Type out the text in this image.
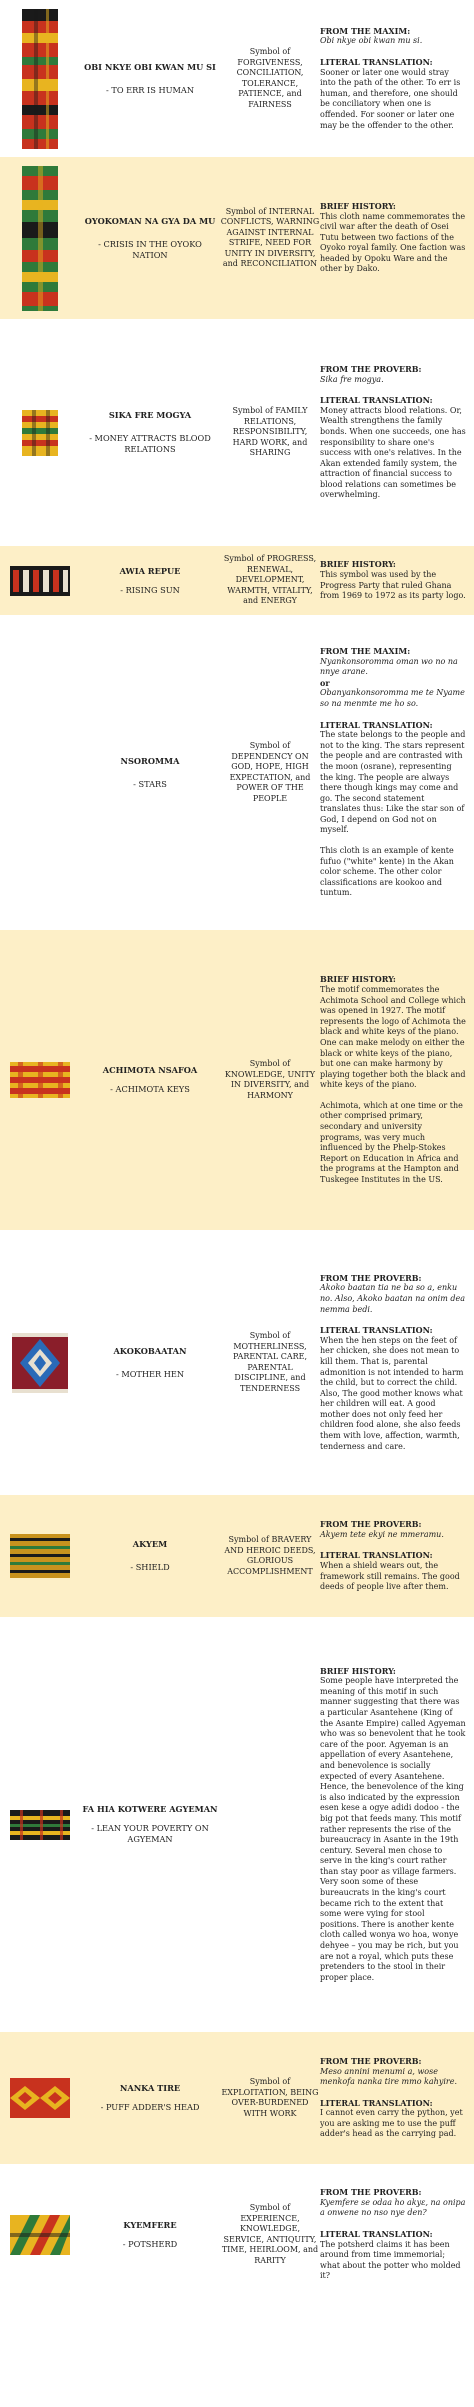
OBI NKYE OBI KWAN MU SI
- TO ERR IS HUMAN
Symbol of FORGIVENESS, CONCILIATION, TOLERANCE, PATIENCE, and FAIRNESS
FROM THE MAXIM:
Obi nkye obi kwan mu si.
LITERAL TRANSLATION:
Sooner or later one would stray into the path of the other. To err is human, and therefore, one should be conciliatory when one is offended. For sooner or later one may be the offender to the other.
OYOKOMAN NA GYA DA MU
- CRISIS IN THE OYOKO NATION
Symbol of INTERNAL CONFLICTS, WARNING AGAINST INTERNAL STRIFE, NEED FOR UNITY IN DIVERSITY, and RECONCILIATION
BRIEF HISTORY:
This cloth name commemorates the civil war after the death of Osei Tutu between two factions of the Oyoko royal family. One faction was headed by Opoku Ware and the other by Dako.
SIKA FRE MOGYA
- MONEY ATTRACTS BLOOD RELATIONS
Symbol of FAMILY RELATIONS, RESPONSIBILITY, HARD WORK, and SHARING
FROM THE PROVERB:
Sika fre mogya.
LITERAL TRANSLATION:
Money attracts blood relations. Or, Wealth strengthens the family bonds. When one succeeds, one has responsibility to share one's success with one's relatives. In the Akan extended family system, the attraction of financial success to blood relations can sometimes be overwhelming.
AWIA REPUE
- RISING SUN
Symbol of PROGRESS, RENEWAL, DEVELOPMENT, WARMTH, VITALITY, and ENERGY
BRIEF HISTORY:
This symbol was used by the Progress Party that ruled Ghana from 1969 to 1972 as its party logo.
NSOROMMA
- STARS
Symbol of DEPENDENCY ON GOD, HOPE, HIGH EXPECTATION, and POWER OF THE PEOPLE
FROM THE MAXIM:
Nyankonsoromma oman wo no na nnye arane.
or
Obanyankonsoromma me te Nyame so na menmte me ho so.
LITERAL TRANSLATION:
The state belongs to the people and not to the king. The stars represent the people and are contrasted with the moon (osrane), representing the king. The people are always there though kings may come and go. The second statement translates thus: Like the star son of God, I depend on God not on myself.
This cloth is an example of kente fufuo ("white" kente) in the Akan color scheme. The other color classifications are kookoo and tuntum.
ACHIMOTA NSAFOA
- ACHIMOTA KEYS
Symbol of KNOWLEDGE, UNITY IN DIVERSITY, and HARMONY
BRIEF HISTORY:
The motif commemorates the Achimota School and College which was opened in 1927. The motif represents the logo of Achimota the black and white keys of the piano. One can make melody on either the black or white keys of the piano, but one can make harmony by playing together both the black and white keys of the piano.
Achimota, which at one time or the other comprised primary, secondary and university programs, was very much influenced by the Phelp-Stokes Report on Education in Africa and the programs at the Hampton and Tuskegee Institutes in the US.
AKOKOBAATAN
- MOTHER HEN
Symbol of MOTHERLINESS, PARENTAL CARE, PARENTAL DISCIPLINE, and TENDERNESS
FROM THE PROVERB:
Akoko baatan tia ne ba so a, enku no. Also, Akoko baatan na onim dea nemma bedi.
LITERAL TRANSLATION:
When the hen steps on the feet of her chicken, she does not mean to kill them. That is, parental admonition is not intended to harm the child, but to correct the child. Also, The good mother knows what her children will eat. A good mother does not only feed her children food alone, she also feeds them with love, affection, warmth, tenderness and care.
AKYEM
- SHIELD
Symbol of BRAVERY AND HEROIC DEEDS, GLORIOUS ACCOMPLISHMENT
FROM THE PROVERB:
Akyem tete ekyi ne mmeramu.
LITERAL TRANSLATION:
When a shield wears out, the framework still remains. The good deeds of people live after them.
FA HIA KOTWERE AGYEMAN
- LEAN YOUR POVERTY ON AGYEMAN
BRIEF HISTORY:
Some people have interpreted the meaning of this motif in such manner suggesting that there was a particular Asantehene (King of the Asante Empire) called Agyeman who was so benevolent that he took care of the poor. Agyeman is an appellation of every Asantehene, and benevolence is socially expected of every Asantehene. Hence, the benevolence of the king is also indicated by the expression esen kese a ogye adidi dodoo - the big pot that feeds many. This motif rather represents the rise of the bureaucracy in Asante in the 19th century. Several men chose to serve in the king's court rather than stay poor as village farmers. Very soon some of these bureaucrats in the king's court became rich to the extent that some were vying for stool positions. There is another kente cloth called wonya wo hoa, wonye dehyee – you may be rich, but you are not a royal, which puts these pretenders to the stool in their proper place.
NANKA TIRE
- PUFF ADDER'S HEAD
Symbol of EXPLOITATION, BEING OVER-BURDENED WITH WORK
FROM THE PROVERB:
Meso annini menumi a, wose menkofa nanka tire mmo kahyire.
LITERAL TRANSLATION:
I cannot even carry the python, yet you are asking me to use the puff adder's head as the carrying pad.
KYEMFERE
- POTSHERD
Symbol of EXPERIENCE, KNOWLEDGE, SERVICE, ANTIQUITY, TIME, HEIRLOOM, and RARITY
FROM THE PROVERB:
Kyemfere se odaa ho akyε, na onipa a onwene no nso nye den?
LITERAL TRANSLATION:
The potsherd claims it has been around from time immemorial; what about the potter who molded it?
